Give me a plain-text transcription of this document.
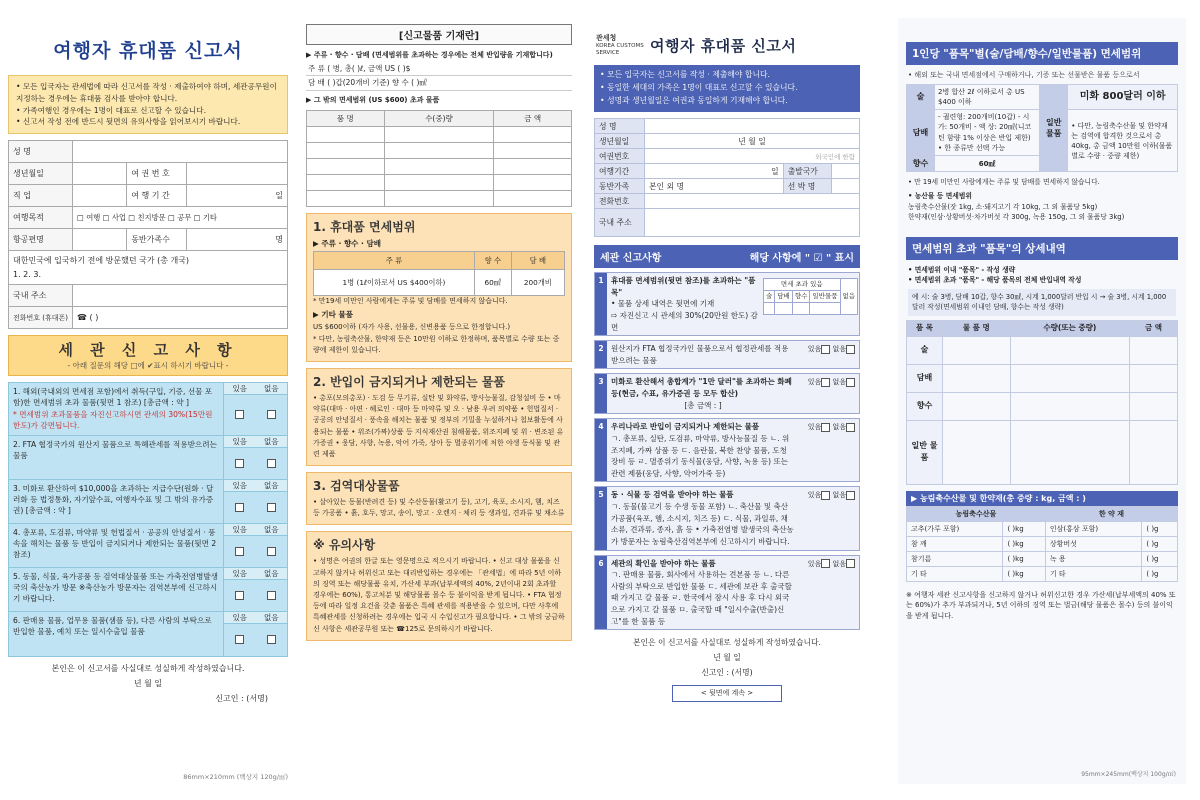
여행자 휴대품 신고서
• 모든 입국자는 관세법에 따라 신고서를 작성 · 제출하여야 하며, 세관공무원이 지정하는 경우에는 휴대품 검사를 받아야 합니다.
• 가족여행인 경우에는 1명이 대표로 신고할 수 있습니다.
• 신고서 작성 전에 반드시 뒷면의 유의사항을 읽어보시기 바랍니다.
성 명			
생년월일		여 권 번 호	
직 업		여 행 기 간	일
여행목적	□ 여행 □ 사업 □ 친지방문 □ 공무 □ 기타		
항공편명		동반가족수	명

대한민국에 입국하기 전에 방문했던 국가 (총 개국)
1. 2. 3.			

국내 주소			
전화번호 (휴대폰)	☎ ( )		
세 관 신 고 사 항
- 아래 질문의 해당 □에 ✔표시 하시기 바랍니다 -
1. 해외(국내외의 면세점 포함)에서 취득(구입, 기증, 선물 포함)한 면세범위 초과 물품(뒷면 1 참조) [총금액 : 약 ]
* 면세범위 초과물품을 자진신고하시면 관세의 30%(15만원 한도)가 감면됩니다.
있음	없음
2. FTA 협정국가의 원산지 물품으로 특혜관세를 적용받으려는 물품
있음	없음
3. 미화로 환산하여 $10,000을 초과하는 지급수단(원화 · 달러화 등 법정통화, 자기앞수표, 여행자수표 및 그 밖의 유가증권) [총금액 : 약 ]
있음	없음
4. 총포류, 도검류, 마약류 및 헌법질서 · 공공의 안녕질서 · 풍속을 해치는 물품 등 반입이 금지되거나 제한되는 물품(뒷면 2 참조)
있음	없음
5. 동물, 식물, 육가공품 등 검역대상물품 또는 가축전염병발생국의 축산농가 방문 ※축산농가 방문자는 검역본부에 신고하시기 바랍니다.
있음	없음
6. 판매용 물품, 업무용 물품(샘플 등), 다른 사람의 부탁으로 반입한 물품, 예치 또는 일시수출입 물품
있음	없음
본인은 이 신고서를 사실대로 성실하게 작성하였습니다.
년 월 일
신고인 : (서명)
86mm×210mm (백상지 120g/㎡)
[신고물품 기재란]
▶ 주류 · 향수 · 담배 (면세범위를 초과하는 경우에는 전체 반입량을 기재합니다)
주 류 ( 병, 총( )ℓ, 금액 US ( )$
담 배 ( )갑(20개비 기준) 향 수 ( )㎖
▶ 그 밖의 면세범위 (US $600) 초과 물품
품 명	수(중)량	금 액

1. 휴대품 면세범위
▶ 주류 · 향수 · 담배
주 류	향 수	담 배
1병 (1ℓ이하로서 US $400이하)	60㎖	200개비

* 만19세 미만인 사람에게는 주류 및 담배를 면세하지 않습니다.

▶ 기타 물품

US $600이하 (자가 사용, 선물용, 신변용품 등으로 한정합니다.)

* 다만, 농림축산물, 한약재 등은 10만원 이하로 한정하며, 품목별로 수량 또는 중량에 제한이 있습니다.

2. 반입이 금지되거나 제한되는 물품

• 총포(모의총포) · 도검 등 무기류, 실탄 및 화약류, 방사능물질, 감청설비 등 • 마약류(대마 · 아편 · 헤로인 · 대마 등 마약류 및 오 · 남용 우려 의약품 • 헌법질서 · 공공의 안녕질서 · 풍속을 해치는 물품 및 정부의 기밀을 누설하거나 첩보활동에 사용되는 물품 • 위조(가짜)상품 등 지식재산권 침해물품, 위조지폐 및 위 · 변조된 유가증권 • 웅담, 사향, 녹용, 악어 가죽, 상아 등 멸종위기에 처한 야생 동식물 및 관련 제품

3. 검역대상물품

• 살아있는 동물(반려견 등) 및 수산동물(활고기 등), 고기, 육포, 소시지, 햄, 치즈 등 가공품 • 흙, 호두, 망고, 송이, 망고 · 오렌지 · 체리 등 생과일, 견과류 및 채소류

※ 유의사항

• 성명은 여권의 한글 또는 영문명으로 적으시기 바랍니다. • 신고 대상 물품을 신고하지 않거나 허위신고 또는 대리반입하는 경우에는 「관세법」에 따라 5년 이하의 징역 또는 해당물품 유치, 가산세 부과(납부세액의 40%, 2년이내 2회 초과할 경우에는 60%), 통고처분 및 해당물품 몰수 등 불이익을 받게 됩니다. • FTA 협정 등에 따라 일정 요건을 갖춘 물품은 특혜 관세를 적용받을 수 있으며, 다만 사후에 특혜관세를 신청하려는 경우에는 입국 시 수입신고가 필요합니다. • 그 밖의 궁금하신 사항은 세관공무원 또는 ☎125로 문의하시기 바랍니다.

관세청
KOREA CUSTOMS SERVICE	여행자 휴대품 신고서
• 모든 입국자는 신고서를 작성 · 제출해야 합니다.
• 동일한 세대의 가족은 1명이 대표로 신고할 수 있습니다.
• 성명과 생년월일은 여권과 동일하게 기재해야 합니다.
성 명			
생년월일	년 월 일		
여권번호	외국인에 한함		
여행기간	일	출발국가	
동반가족	본인 외 명	선 박 명	
전화번호			
국내 주소			
세관 신고사항	해당 사항에 " ☑ " 표시
1 휴대품 면세범위(뒷면 참조)를 초과하는 "품목"
• 물품 상세 내역은 뒷면에 기재
⇨ 자진신고 시 관세의 30%(20만원 한도) 감면
면세 초과 있음				없음
술	담배	향수	일반물품	

2 원산지가 FTA 협정국가인 물품으로서 협정관세를 적용받으려는 물품
있음 없음
3 미화로 환산해서 총합계가 "1만 달러"를 초과하는 화폐 등(현금, 수표, 유가증권 등 모두 합산)
[총 금액 : ]
있음 없음
4 우리나라로 반입이 금지되거나 제한되는 물품
ㄱ. 총포류, 실탄, 도검류, 마약류, 방사능물질 등 ㄴ. 위조지폐, 가짜 상품 등 ㄷ. 음란물, 북한 찬양 물품, 도청 장비 등 ㄹ. 멸종위기 동식물(웅담, 사향, 녹용 등) 또는 관련 제품(웅담, 사향, 악어가죽 등)
있음 없음
5 동 · 식물 등 검역을 받아야 하는 물품
ㄱ. 동물(물고기 등 수생 동물 포함) ㄴ. 축산물 및 축산가공품(육포, 햄, 소시지, 치즈 등) ㄷ. 식물, 과일류, 채소류, 견과류, 종자, 흙 등 • 가축전염병 발생국의 축산농가 방문자는 농림축산검역본부에 신고하시기 바랍니다.
있음 없음
6 세관의 확인을 받아야 하는 물품
ㄱ. 판매용 물품, 회사에서 사용하는 견본품 등 ㄴ. 다른 사람의 부탁으로 반입한 물품 ㄷ. 세관에 보관 후 출국할 때 가지고 갈 물품 ㄹ. 한국에서 잠시 사용 후 다시 외국으로 가지고 갈 물품 ㅁ. 출국할 때 "일시수출(반출)신고"를 한 물품 등
있음 없음
본인은 이 신고서를 사실대로 성실하게 작성하였습니다.
년 월 일
신고인 : (서명)
< 뒷면에 계속 >
1인당 "품목"별(술/담배/향수/일반물품) 면세범위
• 해외 또는 국내 면세점에서 구매하거나, 기증 또는 선물받은 물품 등으로서
술	2병 합산 2ℓ 이하로서 총 US $400 이하	일반 물품	미화 800달러 이하
담배	- 궐련형: 200개비(10갑) - 시 가: 50개비 - 액 상: 20㎖(니코틴 함량 1% 이상은 반입 제한) • 한 종류만 선택 가능		• 다만, 농림축수산물 및 한약재는 검역에 합격한 것으로서 총 40kg, 총 금액 10만원 이하(물품별로 수량 · 중량 제한)
향수	60㎖		
• 만 19세 미만인 사람에게는 주류 및 담배를 면세하지 않습니다.
• 농산물 등 면세범위
농림축수산물(잣 1kg, 소·돼지고기 각 10kg, 그 외 물품당 5kg)
한약재(인삼·상황버섯·차가버섯 각 300g, 녹용 150g, 그 외 물품당 3kg)
면세범위 초과 "품목"의 상세내역
• 면세범위 이내 "품목" - 작성 생략
• 면세범위 초과 "품목" - 해당 품목의 전체 반입내역 작성
예 시: 술 3병, 담배 10갑, 향수 30㎖, 시계 1,000달러 반입 시 → 술 3병, 시계 1,000달러 작성(면세범위 이내인 담배, 향수는 작성 생략)
품 목	물 품 명	수량(또는 중량)	금 액
술			
담배			
향수			
일반 물품			
▶ 농림축수산물 및 한약재(총 중량 : kg, 금액 : )
농림축수산물		한 약 재	
고추(가루 포함)	( )kg	인삼(홍삼 포함)	( )g
참 깨	( )kg	상황버섯	( )g
참기름	( )kg	녹 용	( )g
기 타	( )kg	기 타	( )g
※ 여행자 세관 신고사항을 신고하지 않거나 허위신고한 경우 가산세(납부세액의 40% 또는 60%)가 추가 부과되거나, 5년 이하의 징역 또는 벌금(해당 물품은 몰수) 등의 불이익을 받게 됩니다.
95mm×245mm(백상지 100g/㎡)
